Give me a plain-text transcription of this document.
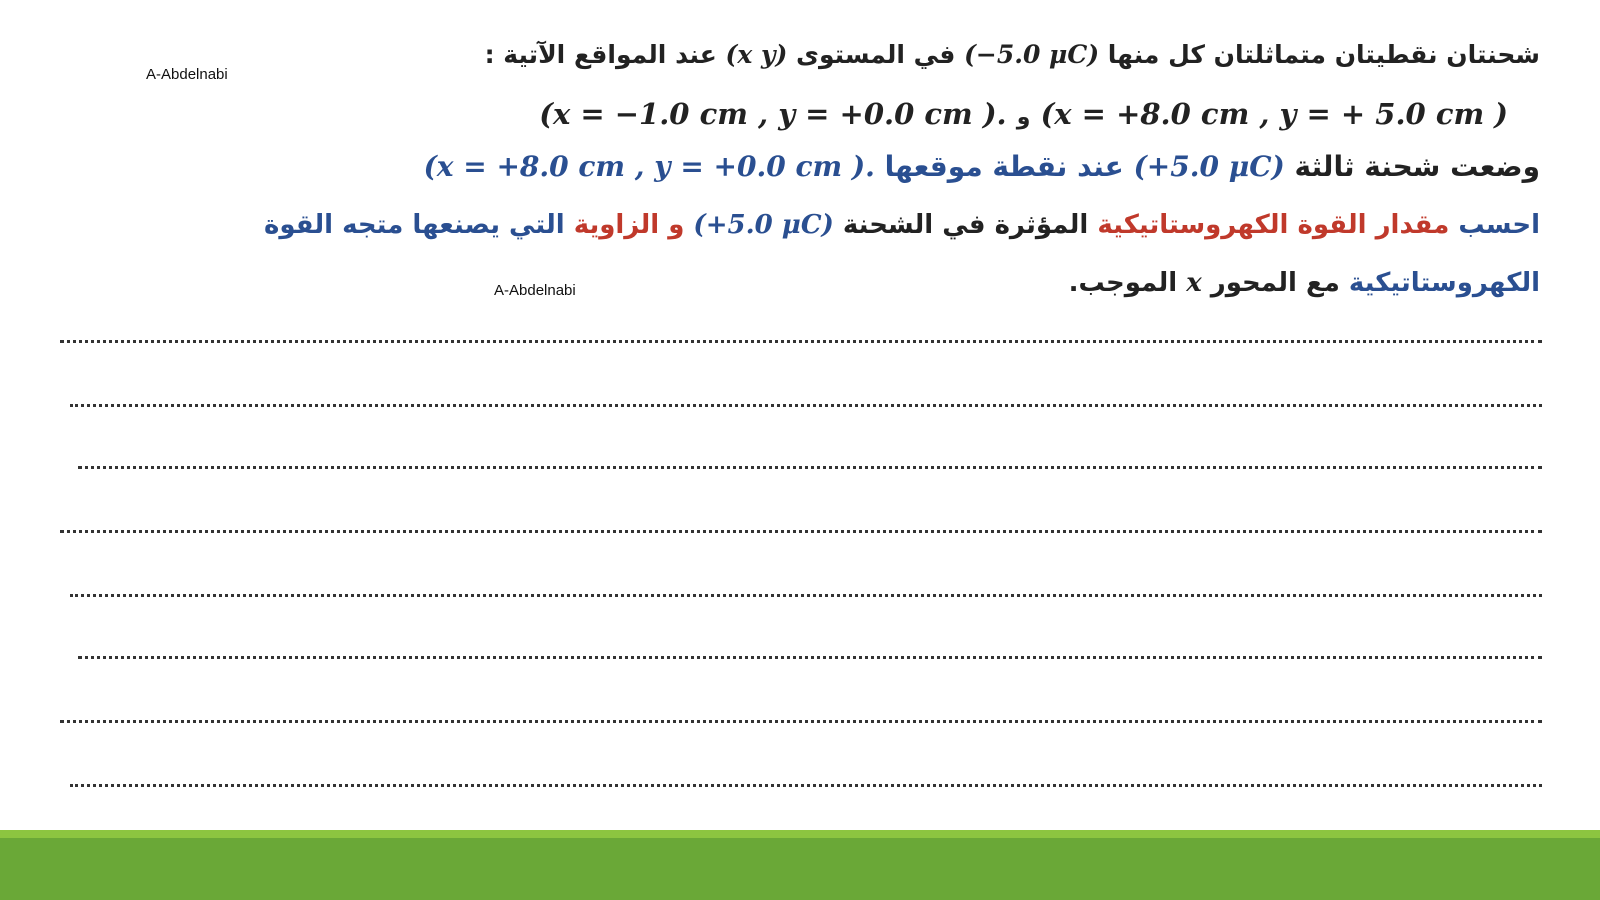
A-Abdelnabi
A-Abdelnabi
شحنتان نقطيتان متماثلتان كل منها (−5.0 μC) في المستوى (x y) عند المواقع الآتية :
(x = +8.0 cm , y = + 5.0 cm ) و (x = −1.0 cm , y = +0.0 cm ).
وضعت شحنة ثالثة (+5.0 μC) عند نقطة موقعها (x = +8.0 cm , y = +0.0 cm ).
احسب مقدار القوة الكهروستاتيكية المؤثرة في الشحنة (+5.0 μC) و الزاوية التي يصنعها متجه القوة
الكهروستاتيكية مع المحور x الموجب.
